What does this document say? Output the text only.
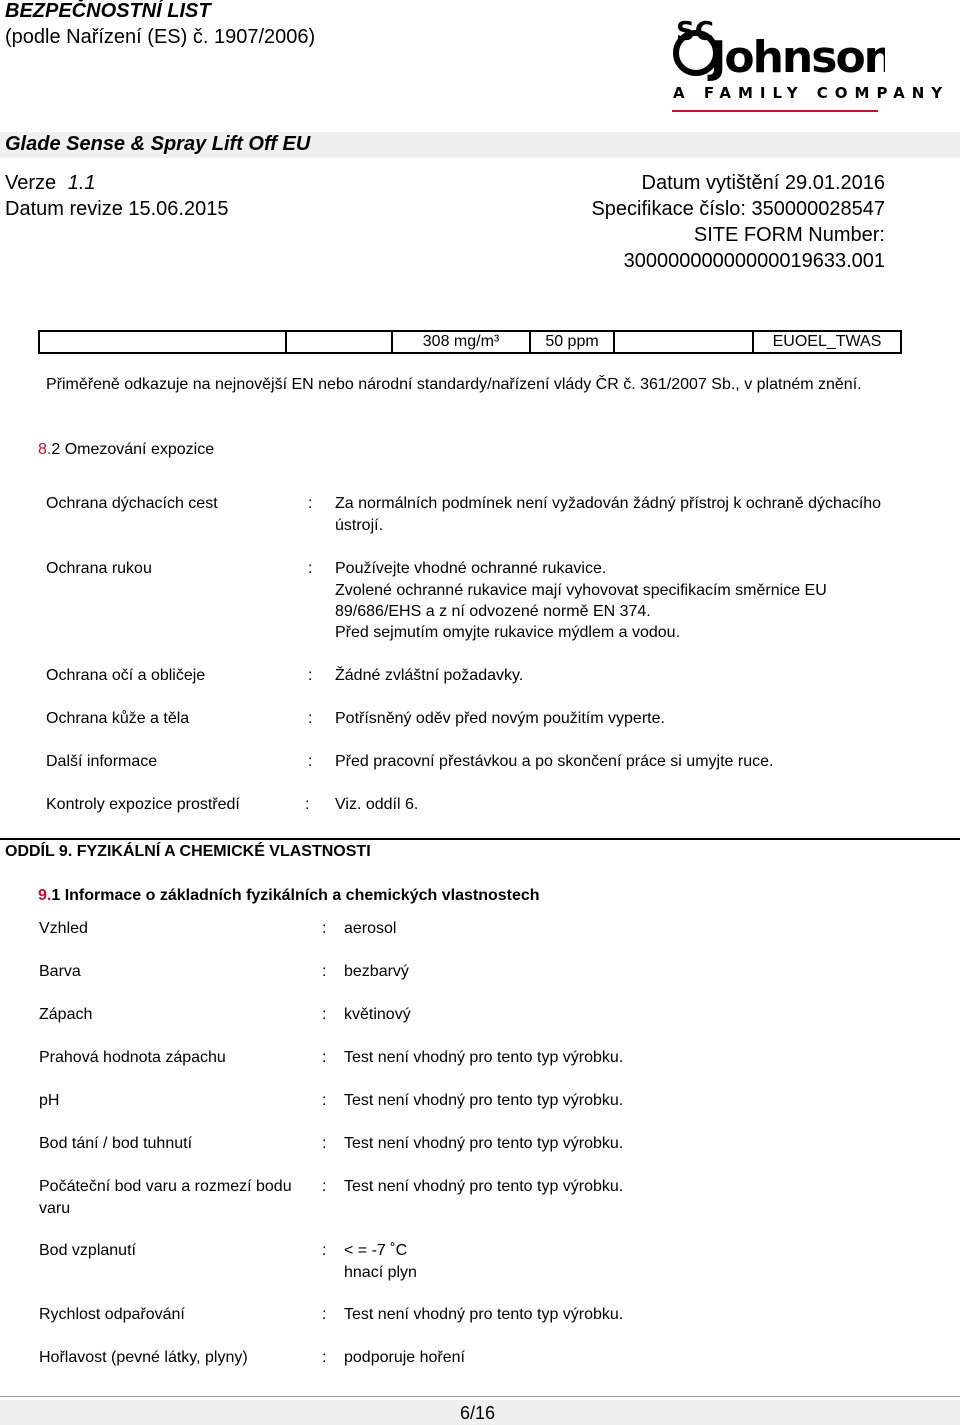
BEZPEČNOSTNÍ LIST
(podle Nařízení (ES) č. 1907/2006)	SC
Johnson
A FAMILY COMPANY
Glade Sense & Spray Lift Off EU
Verze 1.1
Datum revize 15.06.2015
Datum vytištění 29.01.2016
Specifikace číslo: 350000028547
SITE FORM Number:
30000000000000019633.001
		308 mg/m³	50 ppm		EUOEL_TWAS
Přiměřeně odkazuje na nejnovější EN nebo národní standardy/nařízení vlády ČR č. 361/2007 Sb., v platném znění.
8.2 Omezování expozice
Ochrana dýchacích cest	: Za normálních podmínek není vyžadován žádný přístroj k ochraně dýchacího
ústrojí.
Ochrana rukou	: Používejte vhodné ochranné rukavice.
Zvolené ochranné rukavice mají vyhovovat specifikacím směrnice EU
89/686/EHS a z ní odvozené normě EN 374.
Před sejmutím omyjte rukavice mýdlem a vodou.
Ochrana očí a obličeje	: Žádné zvláštní požadavky.
Ochrana kůže a těla	: Potřísněný oděv před novým použitím vyperte.
Další informace	: Před pracovní přestávkou a po skončení práce si umyjte ruce.
Kontroly expozice prostředí	: Viz. oddíl 6.
ODDÍL 9. FYZIKÁLNÍ A CHEMICKÉ VLASTNOSTI
9.1 Informace o základních fyzikálních a chemických vlastnostech
Vzhled	: aerosol
Barva	: bezbarvý
Zápach	: květinový
Prahová hodnota zápachu	: Test není vhodný pro tento typ výrobku.
pH	: Test není vhodný pro tento typ výrobku.
Bod tání / bod tuhnutí	: Test není vhodný pro tento typ výrobku.
Počáteční bod varu a rozmezí bodu
varu
: Test není vhodný pro tento typ výrobku.
Bod vzplanutí	: < = -7 ˚C
hnací plyn
Rychlost odpařování	: Test není vhodný pro tento typ výrobku.
Hořlavost (pevné látky, plyny)	: podporuje hoření
6/16
